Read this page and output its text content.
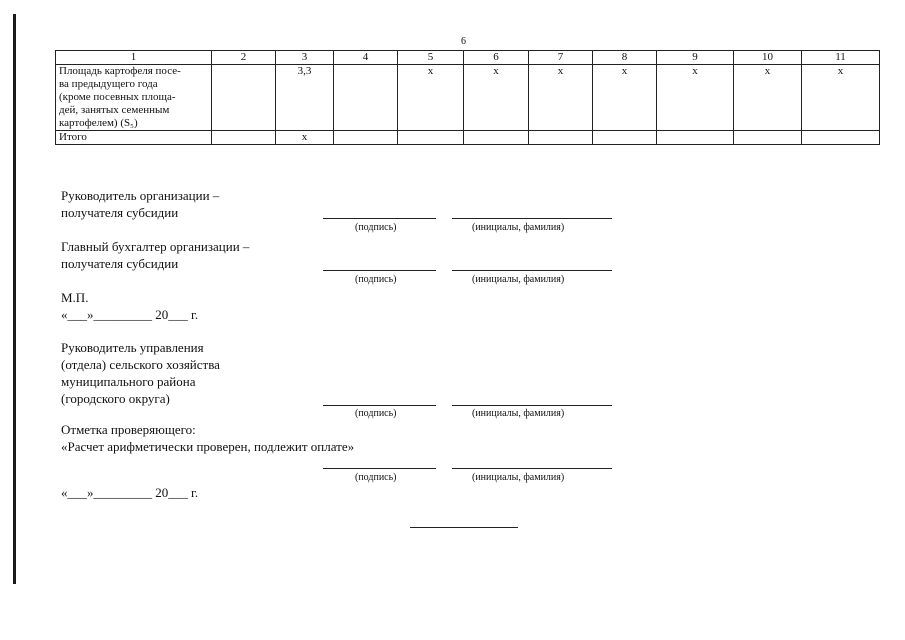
6
1	2	3	4	5	6	7	8	9	10	11
Площадь картофеля посе-
ва предыдущего года
(кроме посевных площа-
дей, занятых семенным
картофелем) (S₅)		3,3		x	x	x	x	x	x	x
Итого		x								
Руководитель организации –
получателя субсидии
(подпись)	(инициалы, фамилия)
Главный бухгалтер организации –
получателя субсидии
(подпись)	(инициалы, фамилия)
М.П.
«___»_________ 20___ г.
Руководитель управления
(отдела) сельского хозяйства
муниципального района
(городского округа)
(подпись)	(инициалы, фамилия)
Отметка проверяющего:
«Расчет арифметически проверен, подлежит оплате»
(подпись)	(инициалы, фамилия)
«___»_________ 20___ г.
